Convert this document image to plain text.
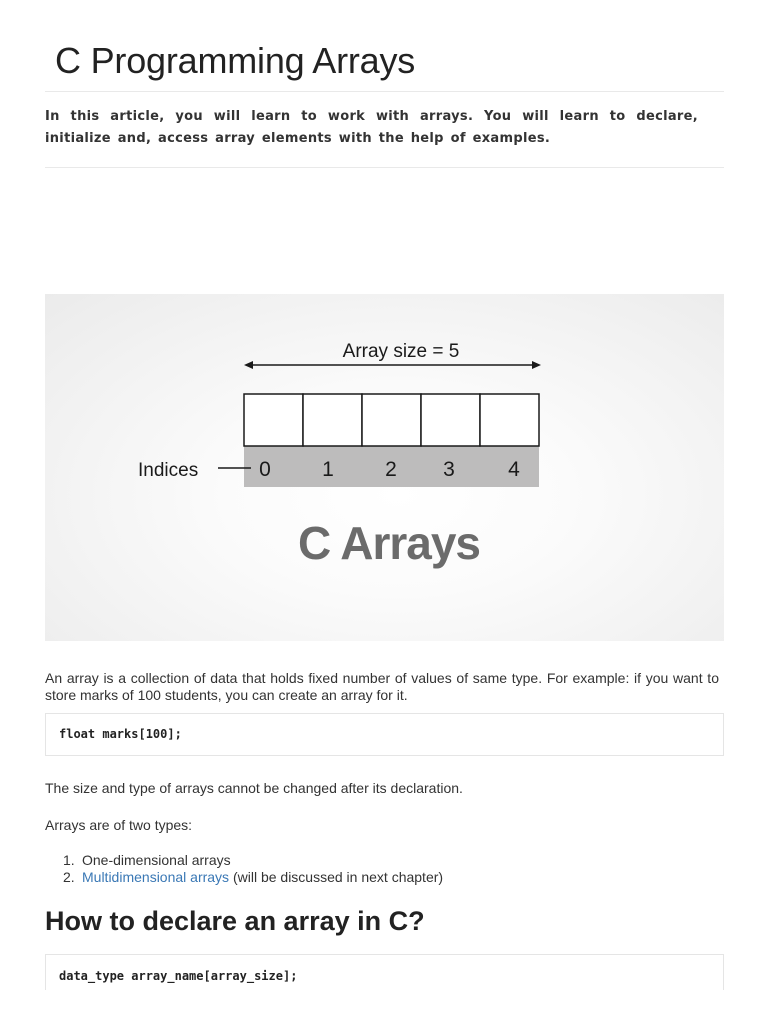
C Programming Arrays

In this article, you will learn to work with arrays. You will learn to declare, initialize and, access array elements with the help of examples.

Array size = 5
0 1 2 3	4
Indices
C Arrays

An array is a collection of data that holds fixed number of values of same type. For example: if you want to store marks of 100 students, you can create an array for it.

float marks[100];

The size and type of arrays cannot be changed after its declaration.

Arrays are of two types:

1. One-dimensional arrays
2. Multidimensional arrays (will be discussed in next chapter)
How to declare an array in C?
data_type array_name[array_size];
